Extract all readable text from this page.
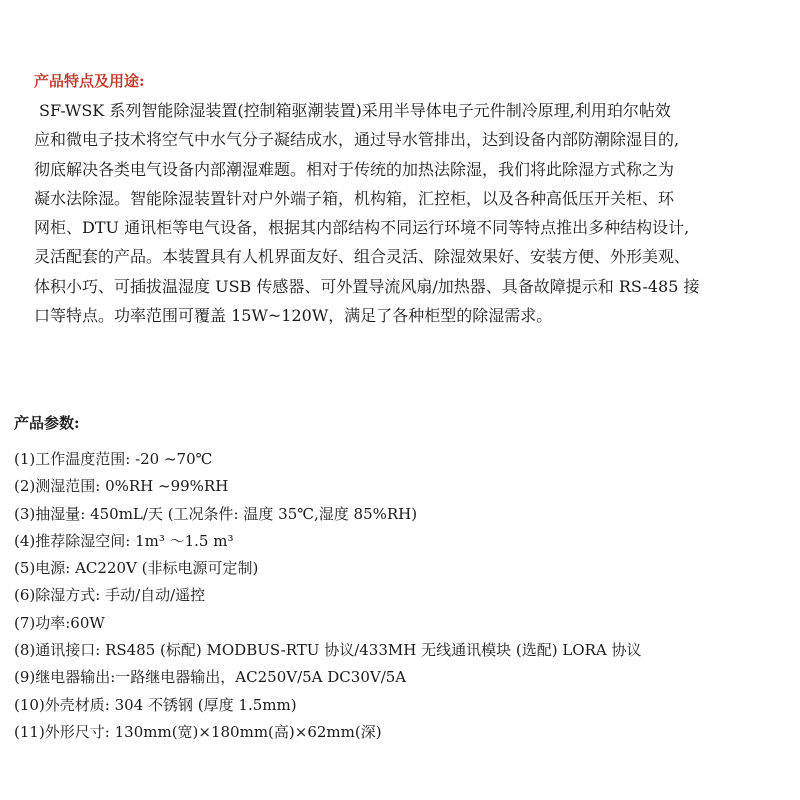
产品特点及用途:

SF-WSK 系列智能除湿装置(控制箱驱潮装置)采用半导体电子元件制冷原理,利用珀尔帖效
应和微电子技术将空气中水气分子凝结成水，通过导水管排出，达到设备内部防潮除湿目的,
彻底解决各类电气设备内部潮湿难题。相对于传统的加热法除湿，我们将此除湿方式称之为
凝水法除湿。智能除湿装置针对户外端子箱，机构箱，汇控柜，以及各种高低压开关柜、环
网柜、DTU 通讯柜等电气设备，根据其内部结构不同运行环境不同等特点推出多种结构设计,
灵活配套的产品。本装置具有人机界面友好、组合灵活、除湿效果好、安装方便、外形美观、
体积小巧、可插拔温湿度 USB 传感器、可外置导流风扇/加热器、具备故障提示和 RS-485 接
口等特点。功率范围可覆盖 15W~120W，满足了各种柜型的除湿需求。

产品参数:
(1)工作温度范围: -20 ~70℃
(2)测湿范围: 0%RH ~99%RH
(3)抽湿量: 450mL/天 (工况条件: 温度 35℃,湿度 85%RH)
(4)推荐除湿空间: 1m³ ～1.5 m³
(5)电源: AC220V (非标电源可定制)
(6)除湿方式: 手动/自动/遥控
(7)功率:60W
(8)通讯接口: RS485 (标配) MODBUS-RTU 协议/433MH 无线通讯模块 (选配) LORA 协议
(9)继电器输出:一路继电器输出，AC250V/5A DC30V/5A
(10)外壳材质: 304 不锈钢 (厚度 1.5mm)
(11)外形尺寸: 130mm(宽)×180mm(高)×62mm(深)
